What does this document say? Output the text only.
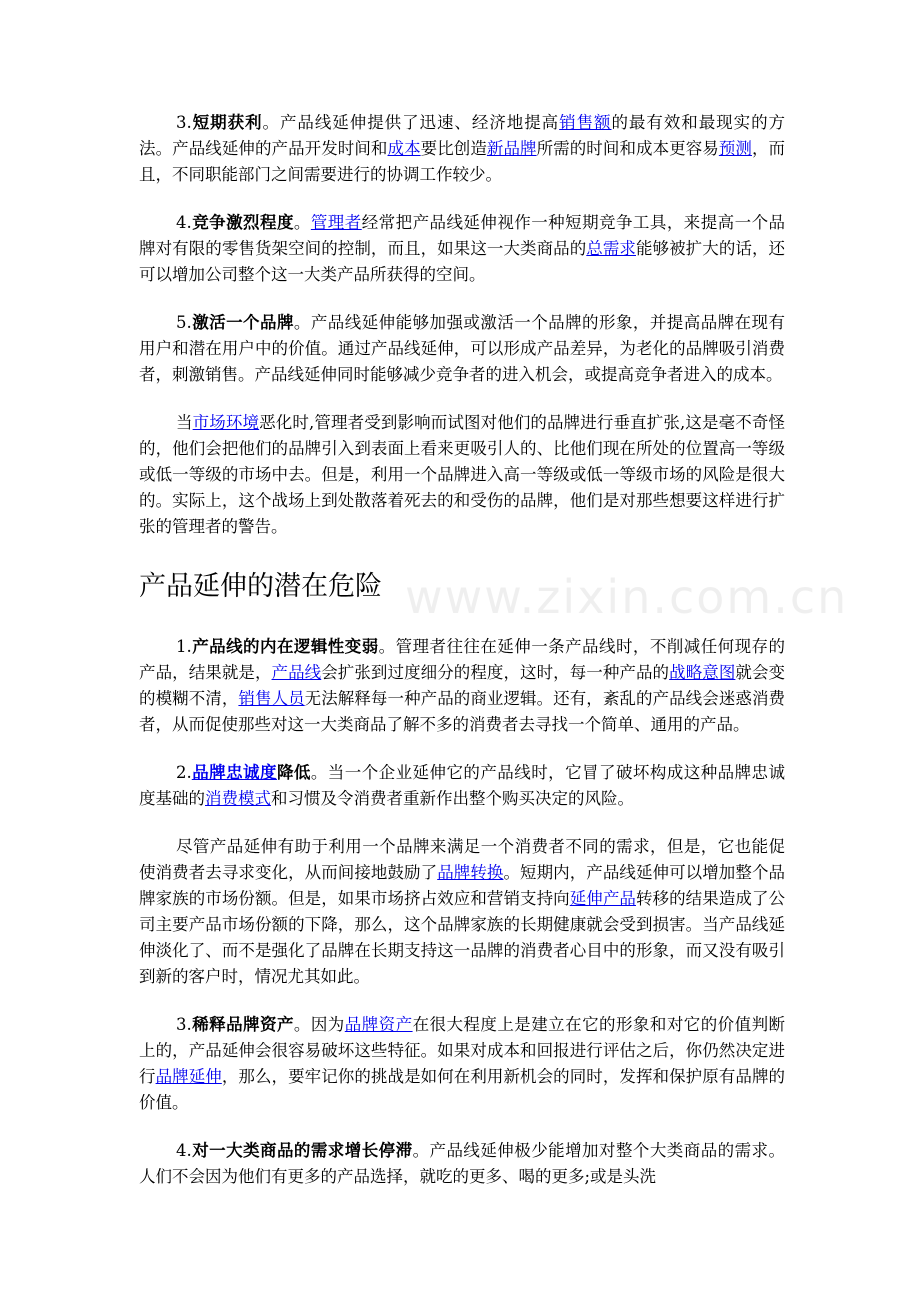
www.zixin.com.cn

3.短期获利。产品线延伸提供了迅速、经济地提高销售额的最有效和最现实的方法。产品线延伸的产品开发时间和成本要比创造新品牌所需的时间和成本更容易预测，而且，不同职能部门之间需要进行的协调工作较少。

4.竞争激烈程度。管理者经常把产品线延伸视作一种短期竞争工具，来提高一个品牌对有限的零售货架空间的控制，而且，如果这一大类商品的总需求能够被扩大的话，还可以增加公司整个这一大类产品所获得的空间。

5.激活一个品牌。产品线延伸能够加强或激活一个品牌的形象，并提高品牌在现有用户和潜在用户中的价值。通过产品线延伸，可以形成产品差异，为老化的品牌吸引消费者，刺激销售。产品线延伸同时能够减少竞争者的进入机会，或提高竞争者进入的成本。

当市场环境恶化时,管理者受到影响而试图对他们的品牌进行垂直扩张,这是毫不奇怪的，他们会把他们的品牌引入到表面上看来更吸引人的、比他们现在所处的位置高一等级或低一等级的市场中去。但是，利用一个品牌进入高一等级或低一等级市场的风险是很大的。实际上，这个战场上到处散落着死去的和受伤的品牌，他们是对那些想要这样进行扩张的管理者的警告。

产品延伸的潜在危险

1.产品线的内在逻辑性变弱。管理者往往在延伸一条产品线时，不削减任何现存的产品，结果就是，产品线会扩张到过度细分的程度，这时，每一种产品的战略意图就会变的模糊不清，销售人员无法解释每一种产品的商业逻辑。还有，紊乱的产品线会迷惑消费者，从而促使那些对这一大类商品了解不多的消费者去寻找一个简单、通用的产品。

2.品牌忠诚度降低。当一个企业延伸它的产品线时，它冒了破坏构成这种品牌忠诚度基础的消费模式和习惯及令消费者重新作出整个购买决定的风险。

尽管产品延伸有助于利用一个品牌来满足一个消费者不同的需求，但是，它也能促使消费者去寻求变化，从而间接地鼓励了品牌转换。短期内，产品线延伸可以增加整个品牌家族的市场份额。但是，如果市场挤占效应和营销支持向延伸产品转移的结果造成了公司主要产品市场份额的下降，那么，这个品牌家族的长期健康就会受到损害。当产品线延伸淡化了、而不是强化了品牌在长期支持这一品牌的消费者心目中的形象，而又没有吸引到新的客户时，情况尤其如此。

3.稀释品牌资产。因为品牌资产在很大程度上是建立在它的形象和对它的价值判断上的，产品延伸会很容易破坏这些特征。如果对成本和回报进行评估之后，你仍然决定进行品牌延伸，那么，要牢记你的挑战是如何在利用新机会的同时，发挥和保护原有品牌的价值。

4.对一大类商品的需求增长停滞。产品线延伸极少能增加对整个大类商品的需求。人们不会因为他们有更多的产品选择，就吃的更多、喝的更多;或是头洗
